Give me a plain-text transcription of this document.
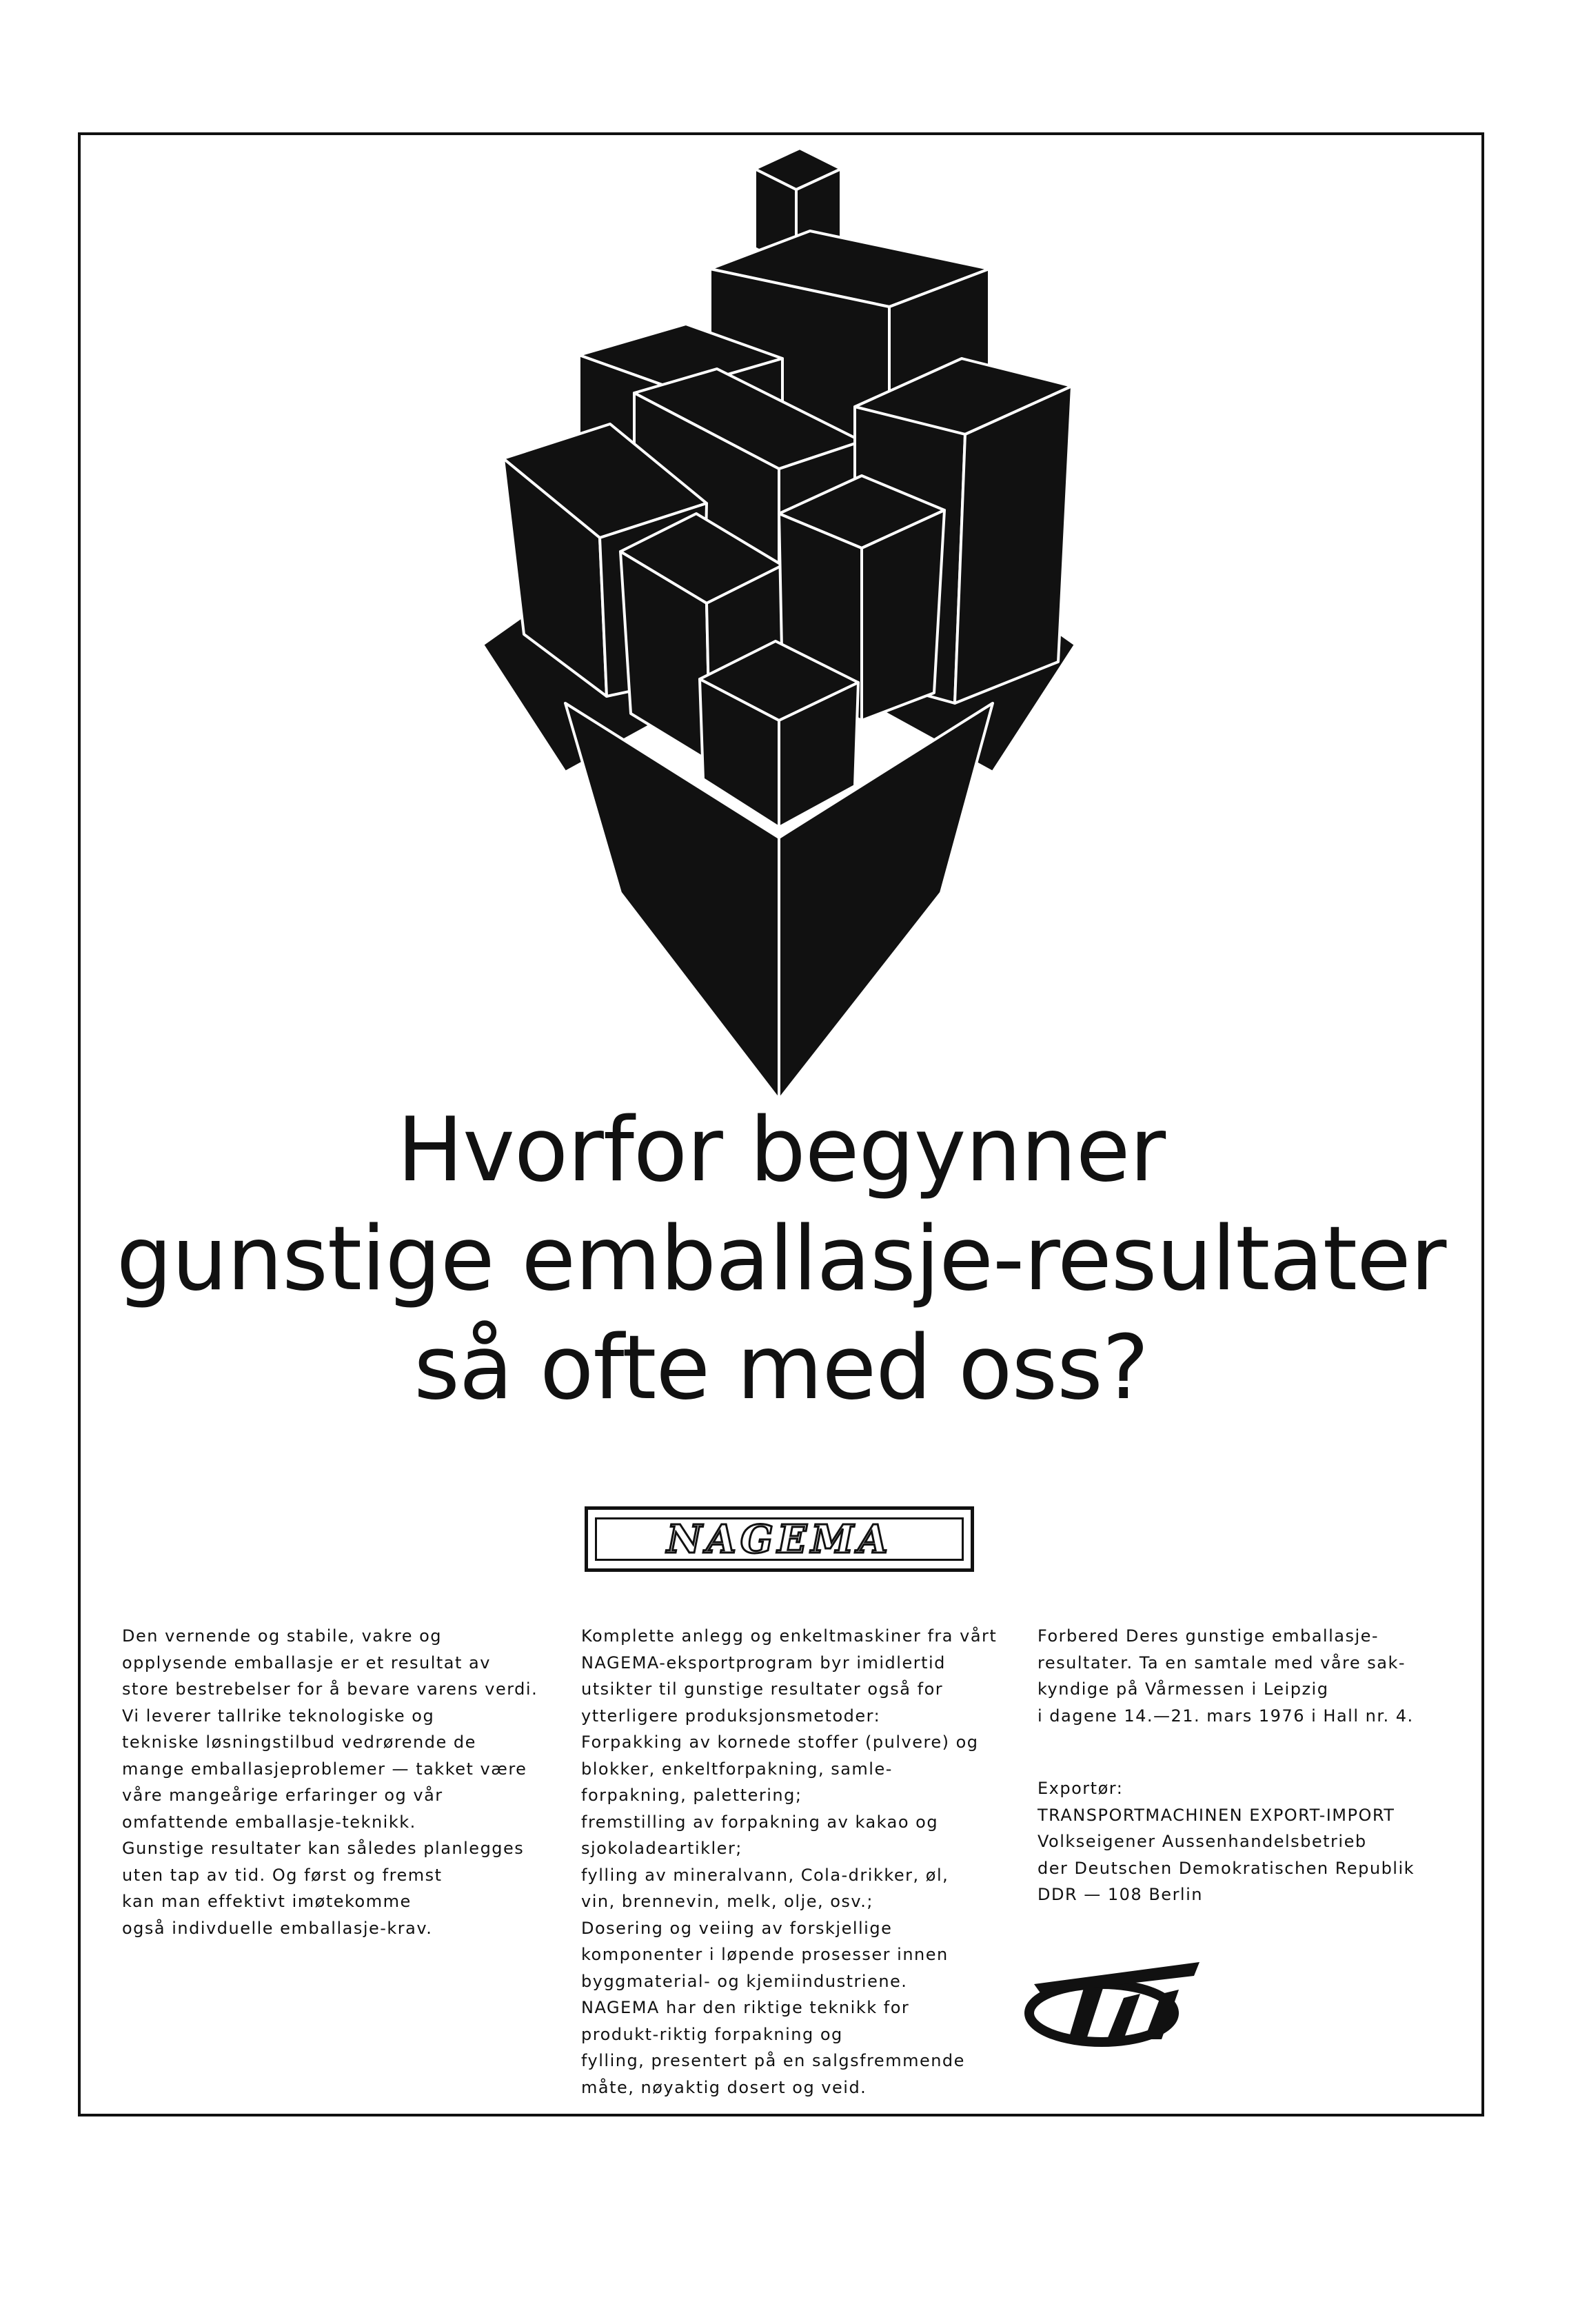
Hvorfor begynner
gunstige emballasje-resultater
så ofte med oss?
NAGEMA
Den vernende og stabile, vakre og
opplysende emballasje er et resultat av
store bestrebelser for å bevare varens verdi.
Vi leverer tallrike teknologiske og
tekniske løsningstilbud vedrørende de
mange emballasjeproblemer — takket være
våre mangeårige erfaringer og vår
omfattende emballasje-teknikk.
Gunstige resultater kan således planlegges
uten tap av tid. Og først og fremst
kan man effektivt imøtekomme
også indivduelle emballasje-krav.
Komplette anlegg og enkeltmaskiner fra vårt
NAGEMA-eksportprogram byr imidlertid
utsikter til gunstige resultater også for
ytterligere produksjonsmetoder:
Forpakking av kornede stoffer (pulvere) og
blokker, enkeltforpakning, samle-
forpakning, palettering;
fremstilling av forpakning av kakao og
sjokoladeartikler;
fylling av mineralvann, Cola-drikker, øl,
vin, brennevin, melk, olje, osv.;
Dosering og veiing av forskjellige
komponenter i løpende prosesser innen
byggmaterial- og kjemiindustriene.
NAGEMA har den riktige teknikk for
produkt-riktig forpakning og
fylling, presentert på en salgsfremmende
måte, nøyaktig dosert og veid.
Forbered Deres gunstige emballasje-
resultater. Ta en samtale med våre sak-
kyndige på Vårmessen i Leipzig
i dagene 14.—21. mars 1976 i Hall nr. 4.
Exportør:
TRANSPORTMACHINEN EXPORT-IMPORT
Volkseigener Aussenhandelsbetrieb
der Deutschen Demokratischen Republik
DDR — 108 Berlin
